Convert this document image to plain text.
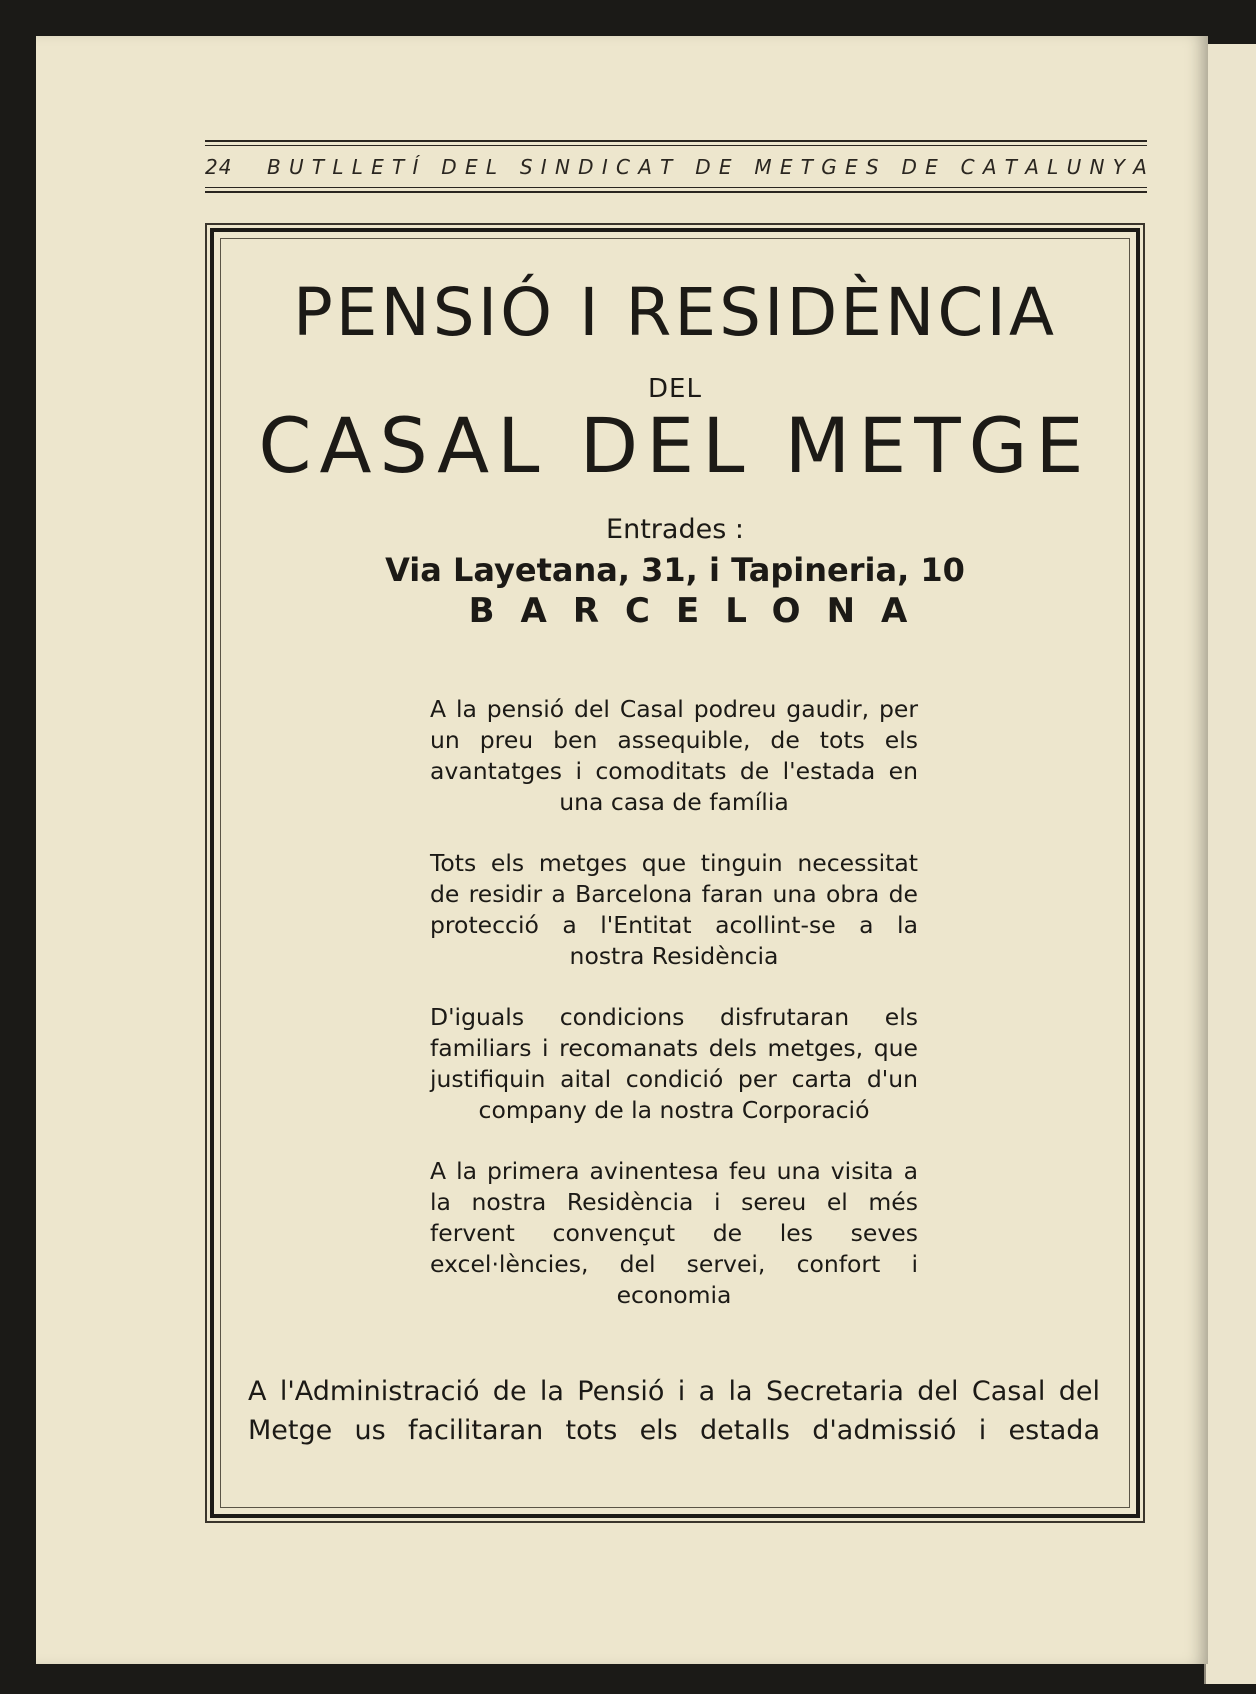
24	B U T L L E T Í
D E L
S I N D I C A T
D E
M E T G E S
D E
C A T A L U N Y A
PENSIÓ I RESIDÈNCIA
DEL
CASAL DEL METGE
Entrades :
Via Layetana, 31, i Tapineria, 10
BARCELONA
A la pensió del Casal podreu gaudir, per un preu ben assequible, de tots els avantatges i comoditats de l'estada en una casa de família
Tots els metges que tinguin necessitat de residir a Barcelona faran una obra de protecció a l'Entitat acollint-se a la nostra Residència
D'iguals condicions disfrutaran els familiars i recomanats dels metges, que justifiquin aital condició per carta d'un company de la nostra Corporació
A la primera avinentesa feu una visita a la nostra Residència i sereu el més fervent convençut de les seves excel·lències, del servei, confort i economia
A l'Administració de la Pensió i a la Secretaria del Casal del Metge us facilitaran tots els detalls d'admissió i estada
